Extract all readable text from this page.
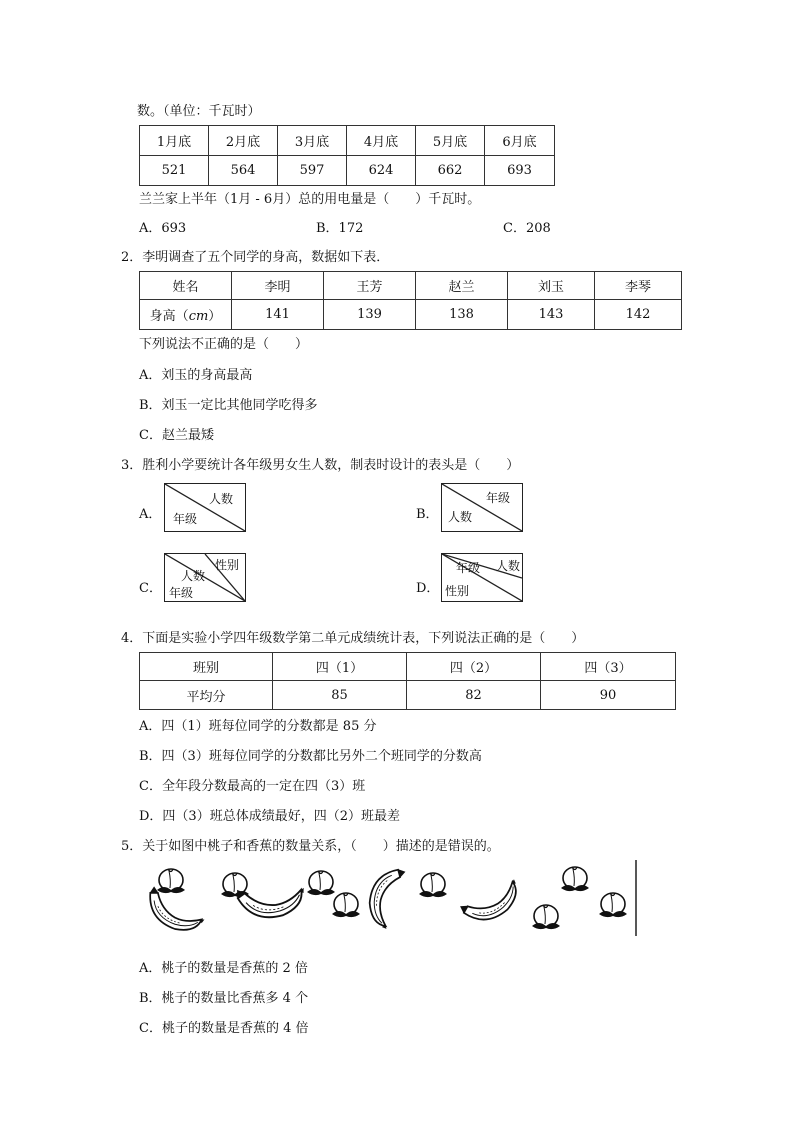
数。（单位：千瓦时）
1月底	2月底	3月底	4月底	5月底	6月底
521	564	597	624	662	693
兰兰家上半年（1月 - 6月）总的用电量是（　　）千瓦时。
A．693	B．172	C．208
2．李明调查了五个同学的身高，数据如下表．
姓名	李明	王芳	赵兰	刘玉	李琴
身高（cm）	141	139	138	143	142
下列说法不正确的是（　　）
A．刘玉的身高最高
B．刘玉一定比其他同学吃得多
C．赵兰最矮
3．胜利小学要统计各年级男女生人数，制表时设计的表头是（　　）
A．
人数
年级	B．
年级
人数
C．
性别
人数
年级	D．
人数
年级
性别
4．下面是实验小学四年级数学第二单元成绩统计表，下列说法正确的是（　　）
班别	四（1）	四（2）	四（3）
平均分	85	82	90
A．四（1）班每位同学的分数都是 85 分
B．四（3）班每位同学的分数都比另外二个班同学的分数高
C．全年段分数最高的一定在四（3）班
D．四（3）班总体成绩最好，四（2）班最差
5．关于如图中桃子和香蕉的数量关系，（　　）描述的是错误的。
A．桃子的数量是香蕉的 2 倍
B．桃子的数量比香蕉多 4 个
C．桃子的数量是香蕉的 4 倍
